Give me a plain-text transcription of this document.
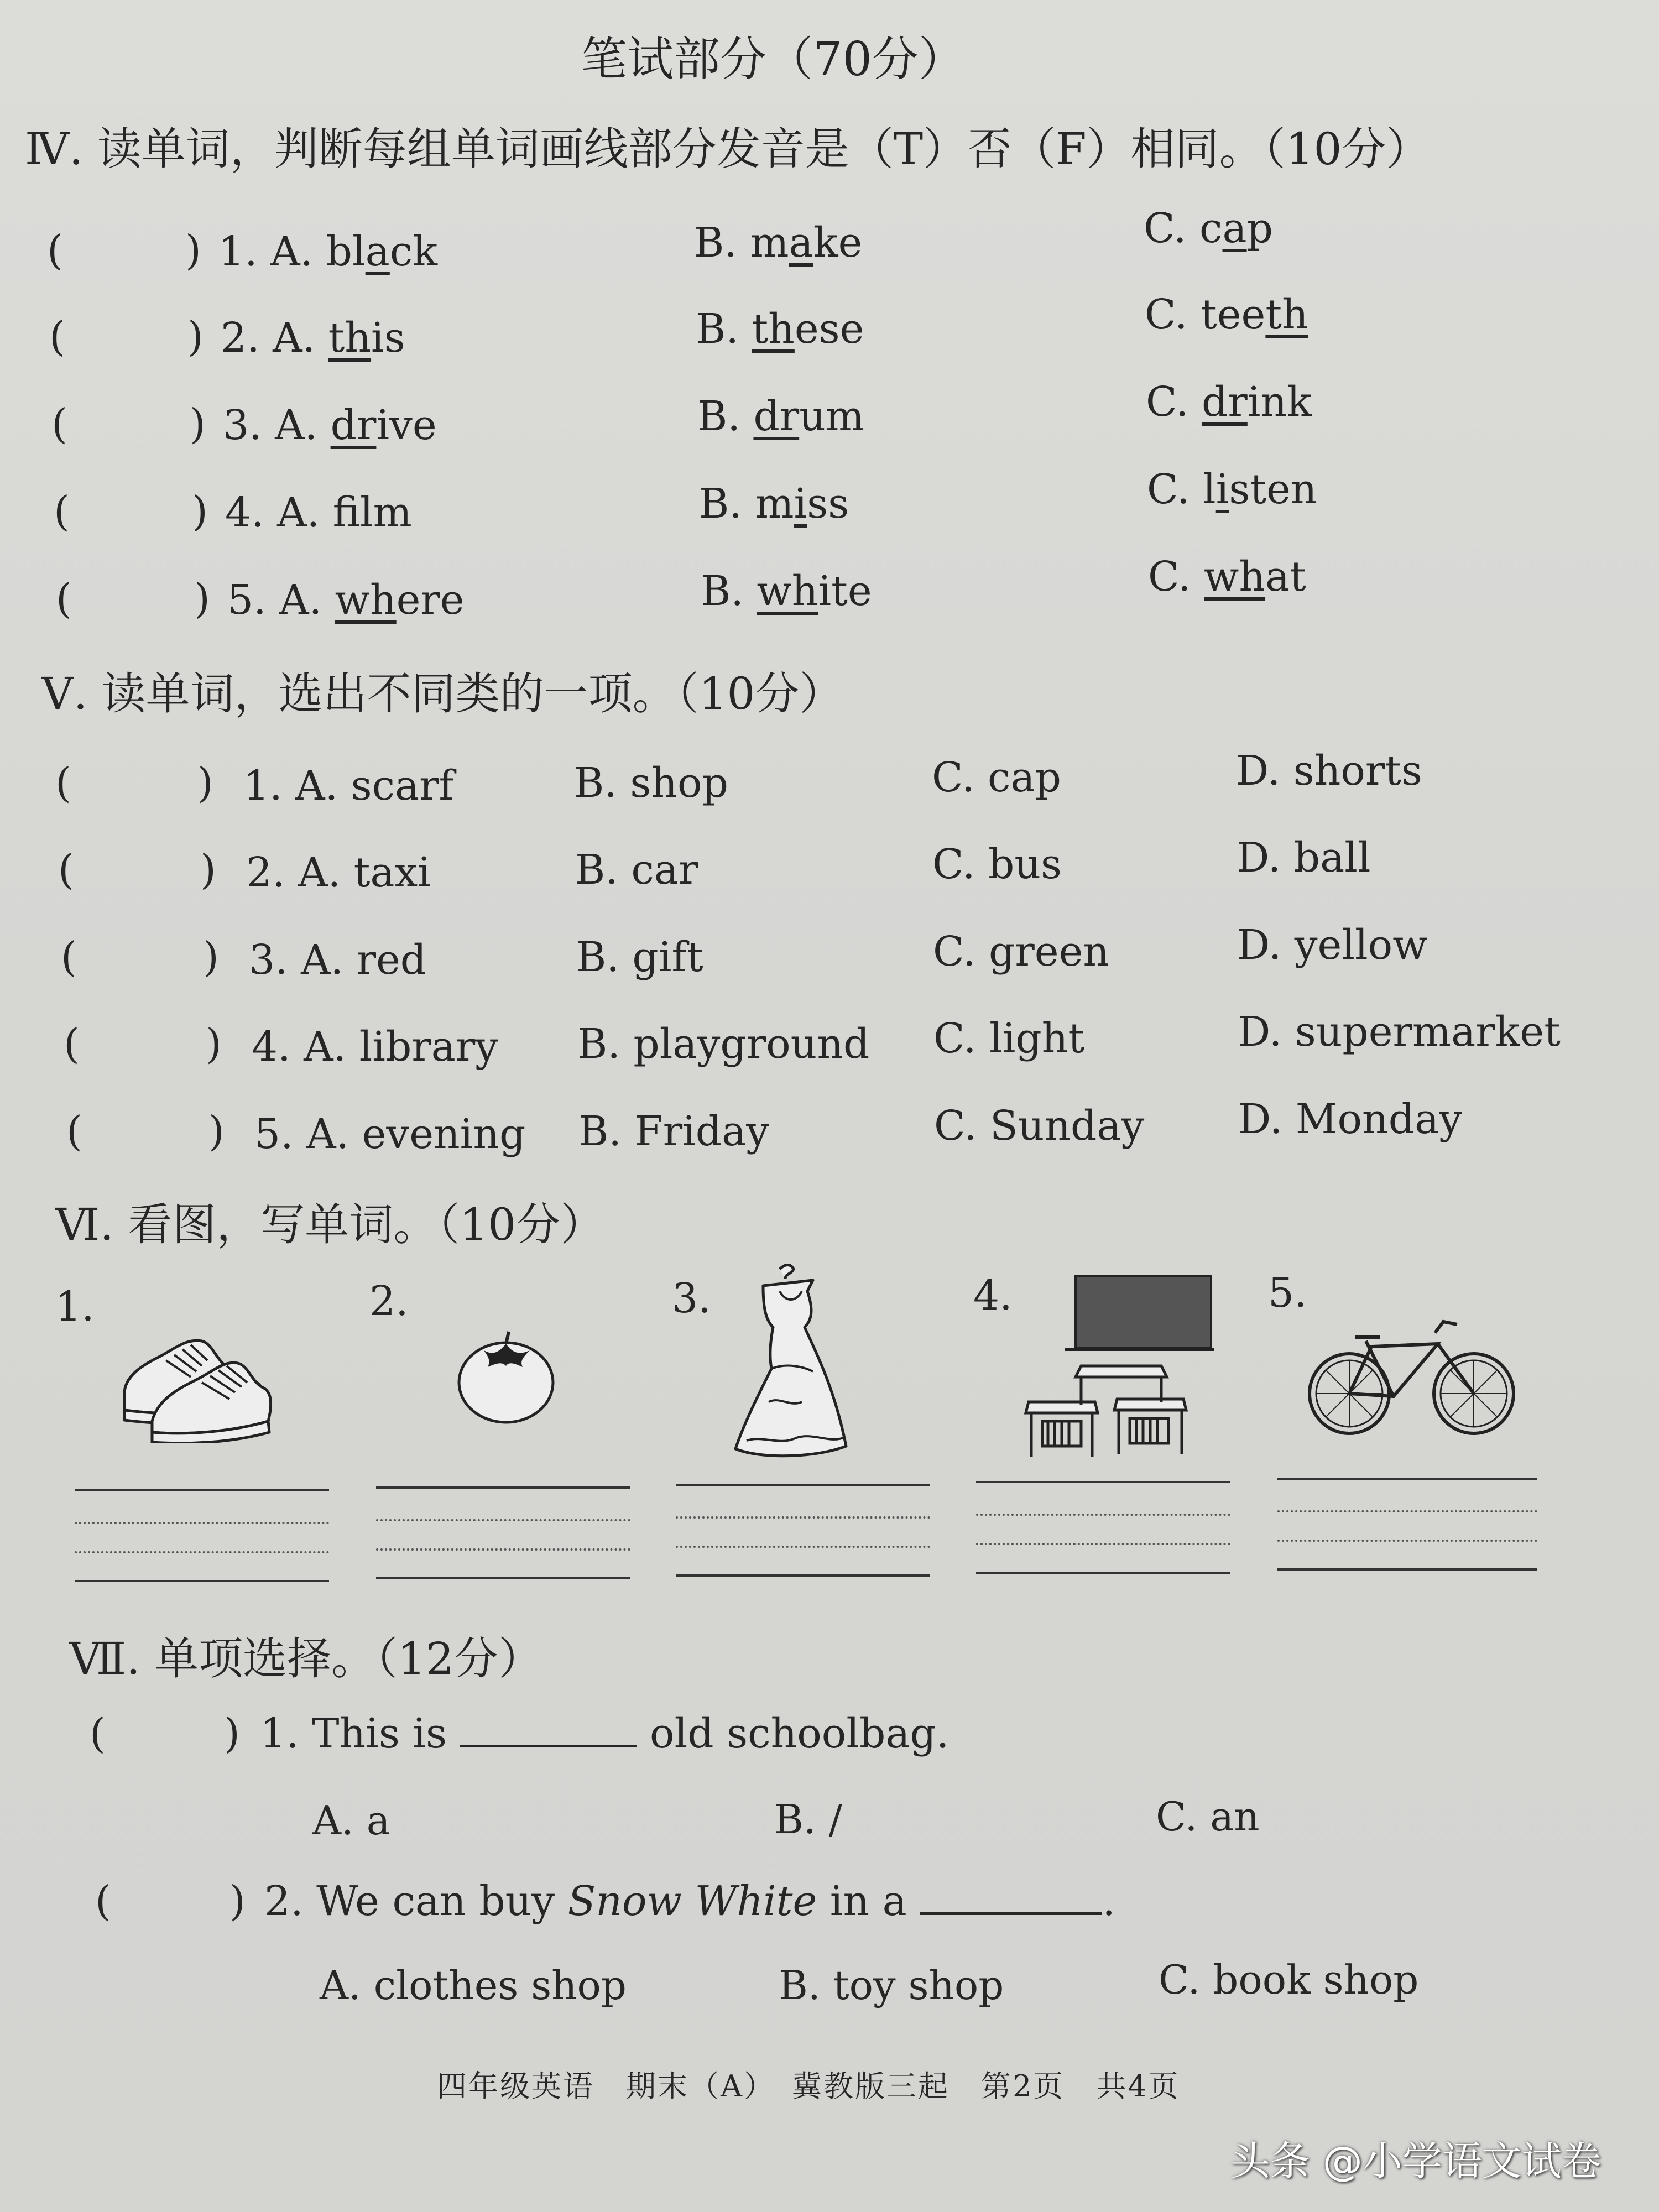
笔试部分（70分）
Ⅳ. 读单词，判断每组单词画线部分发音是（T）否（F）相同。（10分）
(	) 1. A. black	B. make	C. cap
(	) 2. A. this	B. these	C. teeth
(	) 3. A. drive	B. drum	C. drink
(	) 4. A. flm	B. miss	C. listen
(	) 5. A. where	B. white	C. what
Ⅴ. 读单词，选出不同类的一项。（10分）
(	) 1. A. scarf	B. shop	C. cap	D. shorts
(	) 2. A. taxi	B. car	C. bus	D. ball
(	) 3. A. red	B. gift	C. green	D. yellow
(	) 4. A. library B. playground C. light	D. supermarket
(	) 5. A. evening B. Friday	C. Sunday D. Monday
Ⅵ. 看图，写单词。（10分）
1.	2.	3.	4.	5.
Ⅶ. 单项选择。（12分）
(	) 1. This is	old schoolbag.
A. a	B. /	C. an
(	) 2. We can buy Snow White in a	.
A. clothes shop	B. toy shop	C. book shop
四年级英语　期末（A）　冀教版三起　第2页　共4页
头条 @小学语文试卷
